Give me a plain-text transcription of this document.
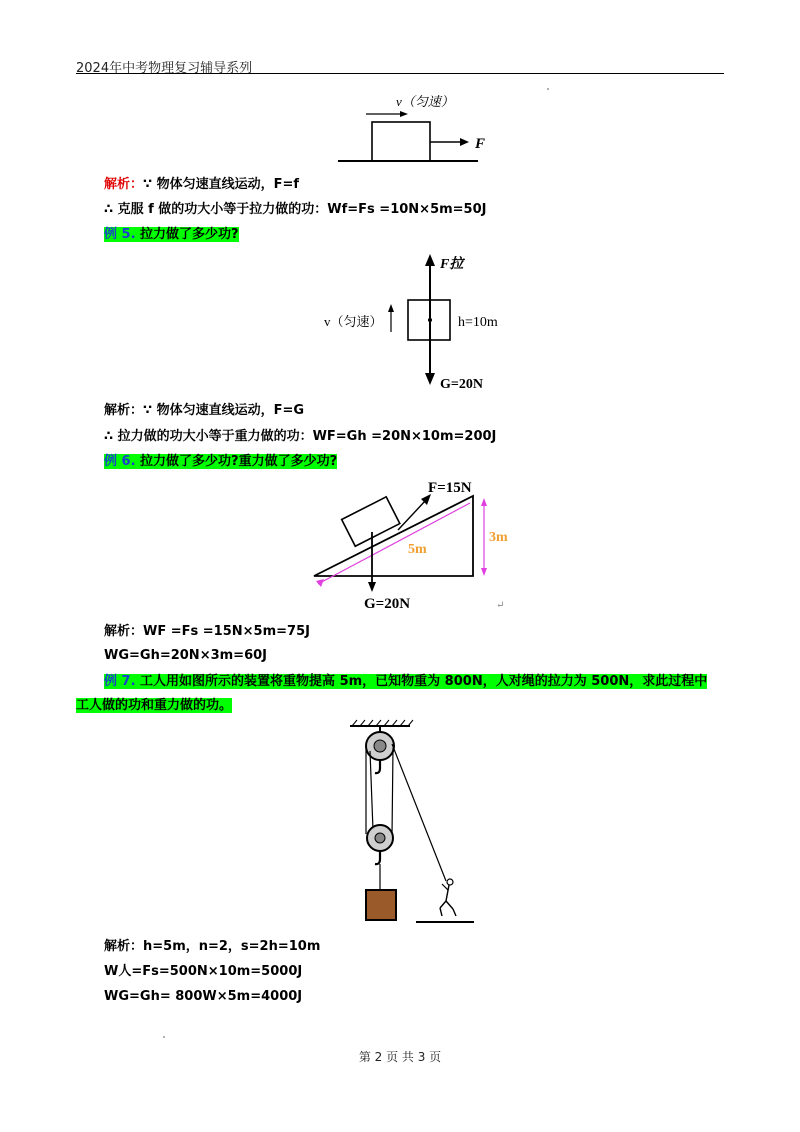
2024年中考物理复习辅导系列
v（匀速）
F
解析：∵ 物体匀速直线运动，F=f
∴ 克服 f 做的功大小等于拉力做的功：Wf=Fs =10N×5m=50J
例 5. 拉力做了多少功?
F拉
v（匀速）	h=10m
G=20N
解析：∵ 物体匀速直线运动，F=G
∴ 拉力做的功大小等于重力做的功：WF=Gh =20N×10m=200J
例 6. 拉力做了多少功?重力做了多少功?
F=15N
5m
3m
G=20N	↵
解析：WF =Fs =15N×5m=75J
WG=Gh=20N×3m=60J
例 7. 工人用如图所示的装置将重物提高 5m，已知物重为 800N，人对绳的拉力为 500N，求此过程中
工人做的功和重力做的功。
解析：h=5m，n=2，s=2h=10m
W人=Fs=500N×10m=5000J
WG=Gh= 800W×5m=4000J
第 2 页 共 3 页
